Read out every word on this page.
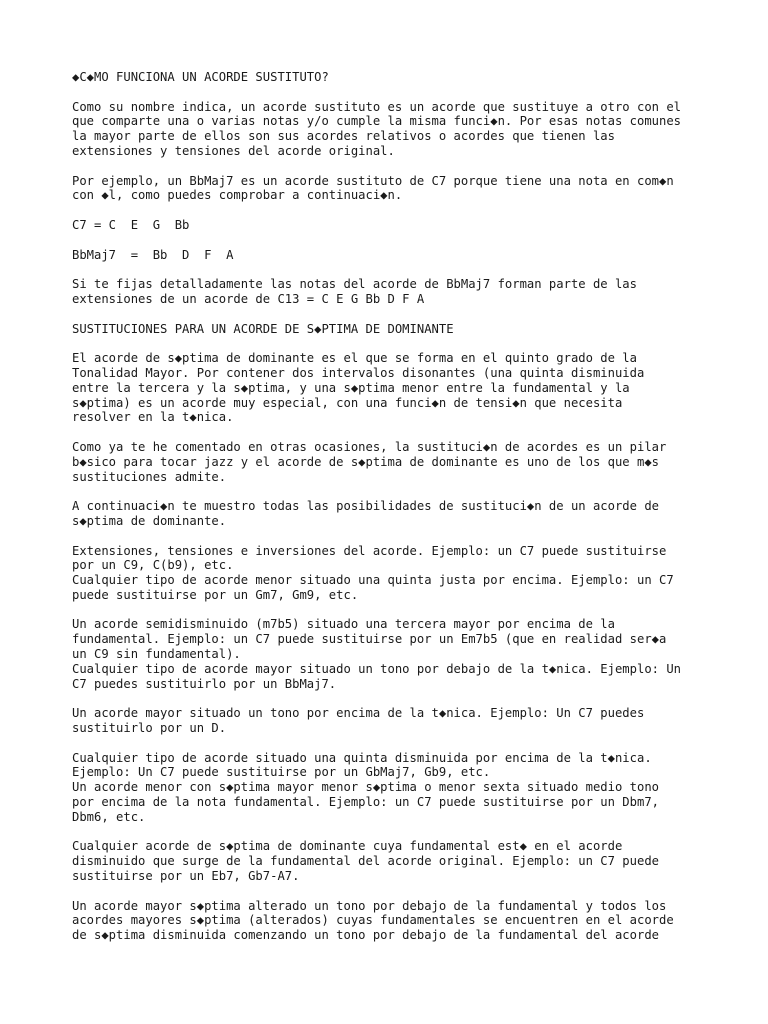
◆C◆MO FUNCIONA UN ACORDE SUSTITUTO?

Como su nombre indica, un acorde sustituto es un acorde que sustituye a otro con el
que comparte una o varias notas y/o cumple la misma funci◆n. Por esas notas comunes
la mayor parte de ellos son sus acordes relativos o acordes que tienen las
extensiones y tensiones del acorde original.

Por ejemplo, un BbMaj7 es un acorde sustituto de C7 porque tiene una nota en com◆n
con ◆l, como puedes comprobar a continuaci◆n.

C7 = C  E  G  Bb

BbMaj7  =  Bb  D  F  A

Si te fijas detalladamente las notas del acorde de BbMaj7 forman parte de las
extensiones de un acorde de C13 = C E G Bb D F A

SUSTITUCIONES PARA UN ACORDE DE S◆PTIMA DE DOMINANTE

El acorde de s◆ptima de dominante es el que se forma en el quinto grado de la
Tonalidad Mayor. Por contener dos intervalos disonantes (una quinta disminuida
entre la tercera y la s◆ptima, y una s◆ptima menor entre la fundamental y la
s◆ptima) es un acorde muy especial, con una funci◆n de tensi◆n que necesita
resolver en la t◆nica.

Como ya te he comentado en otras ocasiones, la sustituci◆n de acordes es un pilar
b◆sico para tocar jazz y el acorde de s◆ptima de dominante es uno de los que m◆s
sustituciones admite.

A continuaci◆n te muestro todas las posibilidades de sustituci◆n de un acorde de
s◆ptima de dominante.

Extensiones, tensiones e inversiones del acorde. Ejemplo: un C7 puede sustituirse
por un C9, C(b9), etc.
Cualquier tipo de acorde menor situado una quinta justa por encima. Ejemplo: un C7
puede sustituirse por un Gm7, Gm9, etc.

Un acorde semidisminuido (m7b5) situado una tercera mayor por encima de la
fundamental. Ejemplo: un C7 puede sustituirse por un Em7b5 (que en realidad ser◆a
un C9 sin fundamental).
Cualquier tipo de acorde mayor situado un tono por debajo de la t◆nica. Ejemplo: Un
C7 puedes sustituirlo por un BbMaj7.

Un acorde mayor situado un tono por encima de la t◆nica. Ejemplo: Un C7 puedes
sustituirlo por un D.

Cualquier tipo de acorde situado una quinta disminuida por encima de la t◆nica.
Ejemplo: Un C7 puede sustituirse por un GbMaj7, Gb9, etc.
Un acorde menor con s◆ptima mayor menor s◆ptima o menor sexta situado medio tono
por encima de la nota fundamental. Ejemplo: un C7 puede sustituirse por un Dbm7,
Dbm6, etc.

Cualquier acorde de s◆ptima de dominante cuya fundamental est◆ en el acorde
disminuido que surge de la fundamental del acorde original. Ejemplo: un C7 puede
sustituirse por un Eb7, Gb7-A7.

Un acorde mayor s◆ptima alterado un tono por debajo de la fundamental y todos los
acordes mayores s◆ptima (alterados) cuyas fundamentales se encuentren en el acorde
de s◆ptima disminuida comenzando un tono por debajo de la fundamental del acorde
